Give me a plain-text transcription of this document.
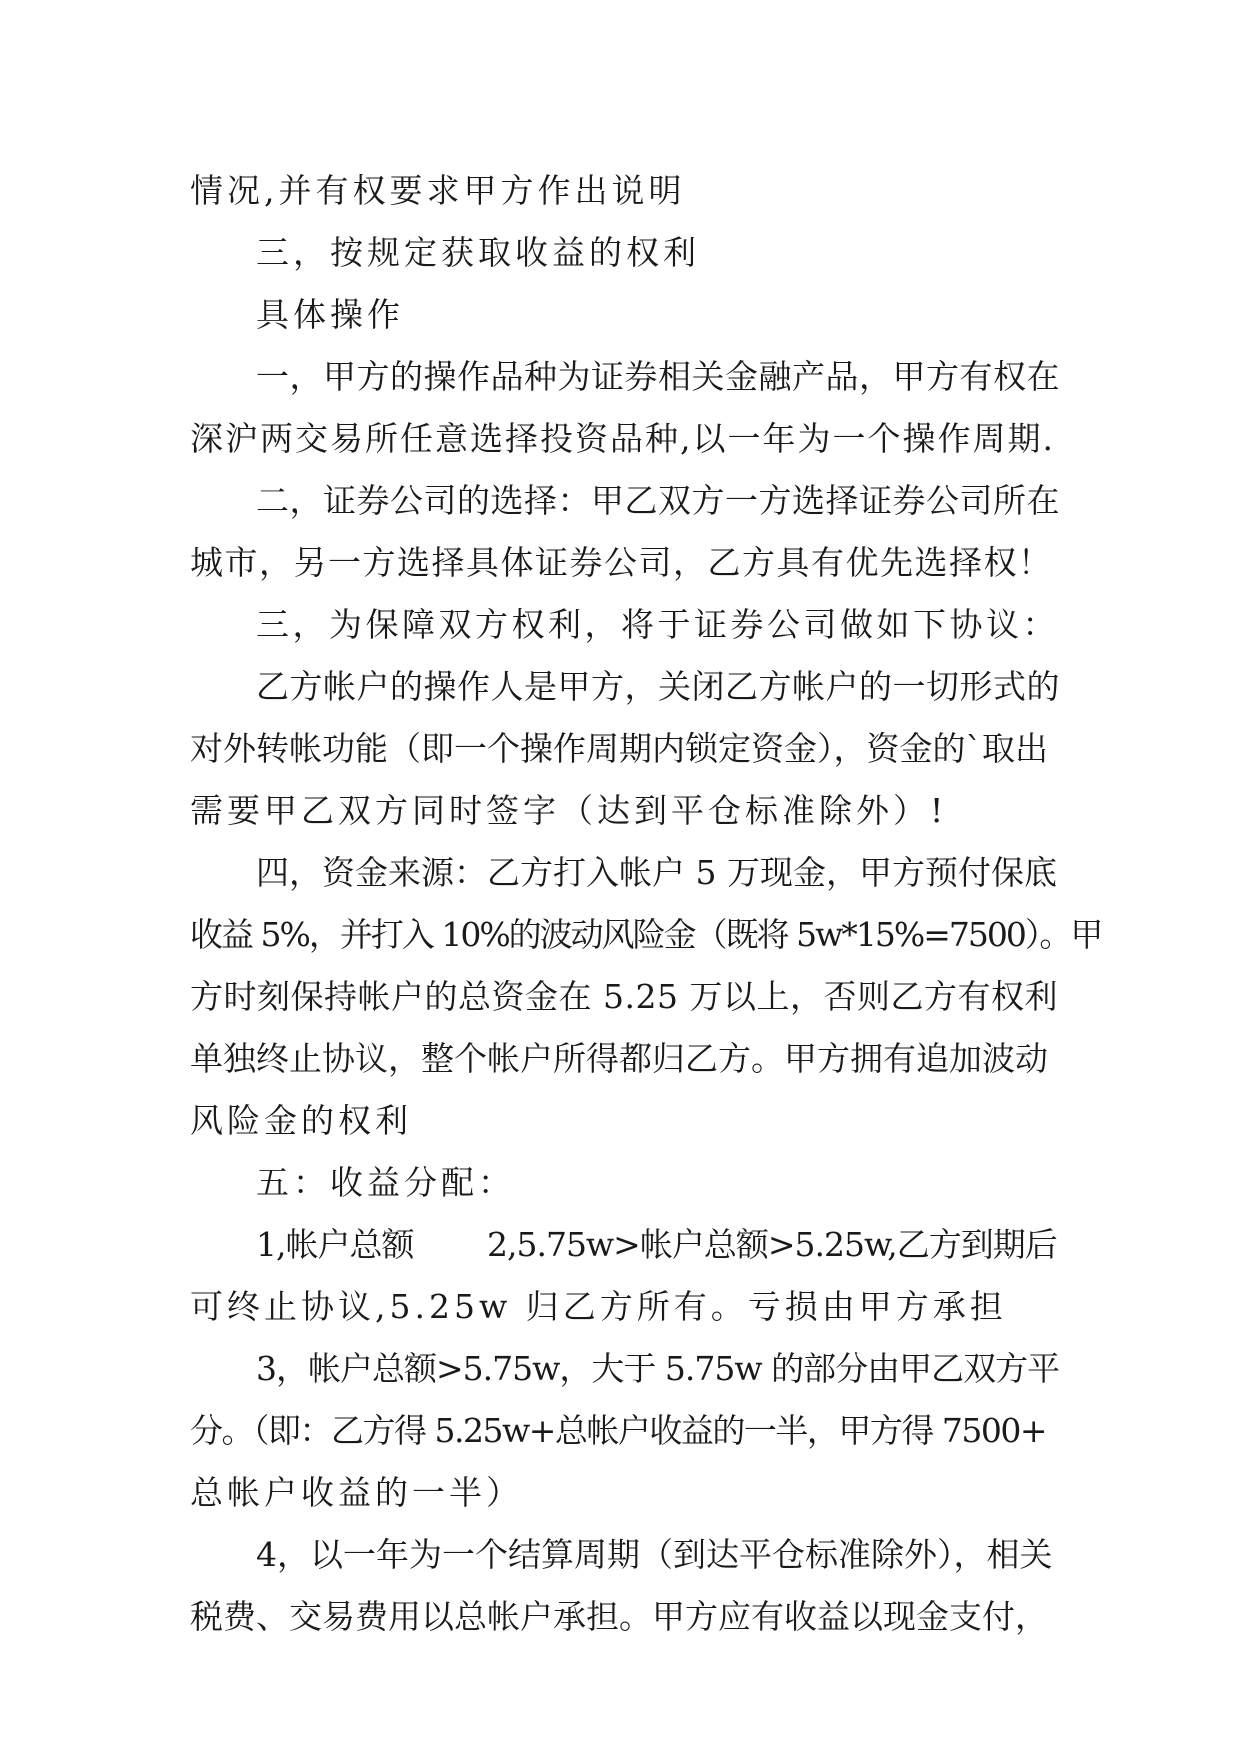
情况,并有权要求甲方作出说明

三，按规定获取收益的权利

具体操作

一，甲方的操作品种为证券相关金融产品，甲方有权在

深沪两交易所任意选择投资品种,以一年为一个操作周期.

二，证券公司的选择：甲乙双方一方选择证券公司所在

城市，另一方选择具体证券公司，乙方具有优先选择权！

三，为保障双方权利，将于证券公司做如下协议：

乙方帐户的操作人是甲方，关闭乙方帐户的一切形式的

对外转帐功能（即一个操作周期内锁定资金），资金的`取出

需要甲乙双方同时签字（达到平仓标准除外）!

四，资金来源：乙方打入帐户 5 万现金，甲方预付保底

收益 5%，并打入 10%的波动风险金（既将 5w*15%=7500）。甲

方时刻保持帐户的总资金在 5.25 万以上，否则乙方有权利

单独终止协议，整个帐户所得都归乙方。甲方拥有追加波动

风险金的权利

五：收益分配：

1,帐户总额　　 2,5.75w>帐户总额>5.25w,乙方到期后

可终止协议,5.25w 归乙方所有。亏损由甲方承担

3，帐户总额>5.75w，大于 5.75w 的部分由甲乙双方平

分。（即：乙方得 5.25w+总帐户收益的一半，甲方得 7500+

总帐户收益的一半）

4，以一年为一个结算周期（到达平仓标准除外），相关

税费、交易费用以总帐户承担。甲方应有收益以现金支付，
